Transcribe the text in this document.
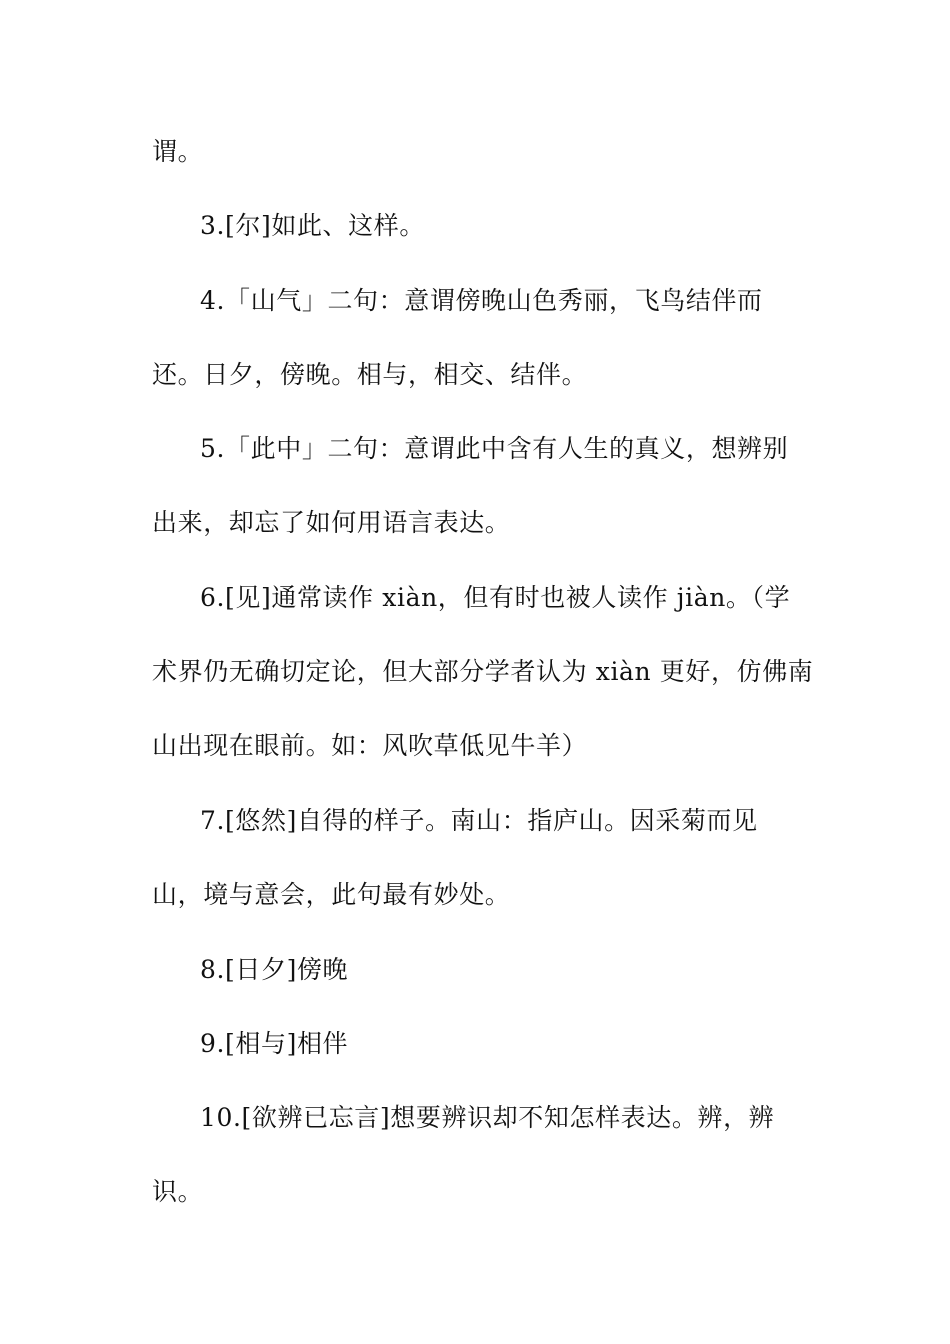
谓。
3.[尔]如此、这样。
4.「山气」二句：意谓傍晚山色秀丽，飞鸟结伴而
还。日夕，傍晚。相与，相交、结伴。
5.「此中」二句：意谓此中含有人生的真义，想辨别
出来，却忘了如何用语言表达。
6.[见]通常读作 xiàn，但有时也被人读作 jiàn。（学
术界仍无确切定论，但大部分学者认为 xiàn 更好，仿佛南
山出现在眼前。如：风吹草低见牛羊）
7.[悠然]自得的样子。南山：指庐山。因采菊而见
山，境与意会，此句最有妙处。
8.[日夕]傍晚
9.[相与]相伴
10.[欲辨已忘言]想要辨识却不知怎样表达。辨，辨
识。
